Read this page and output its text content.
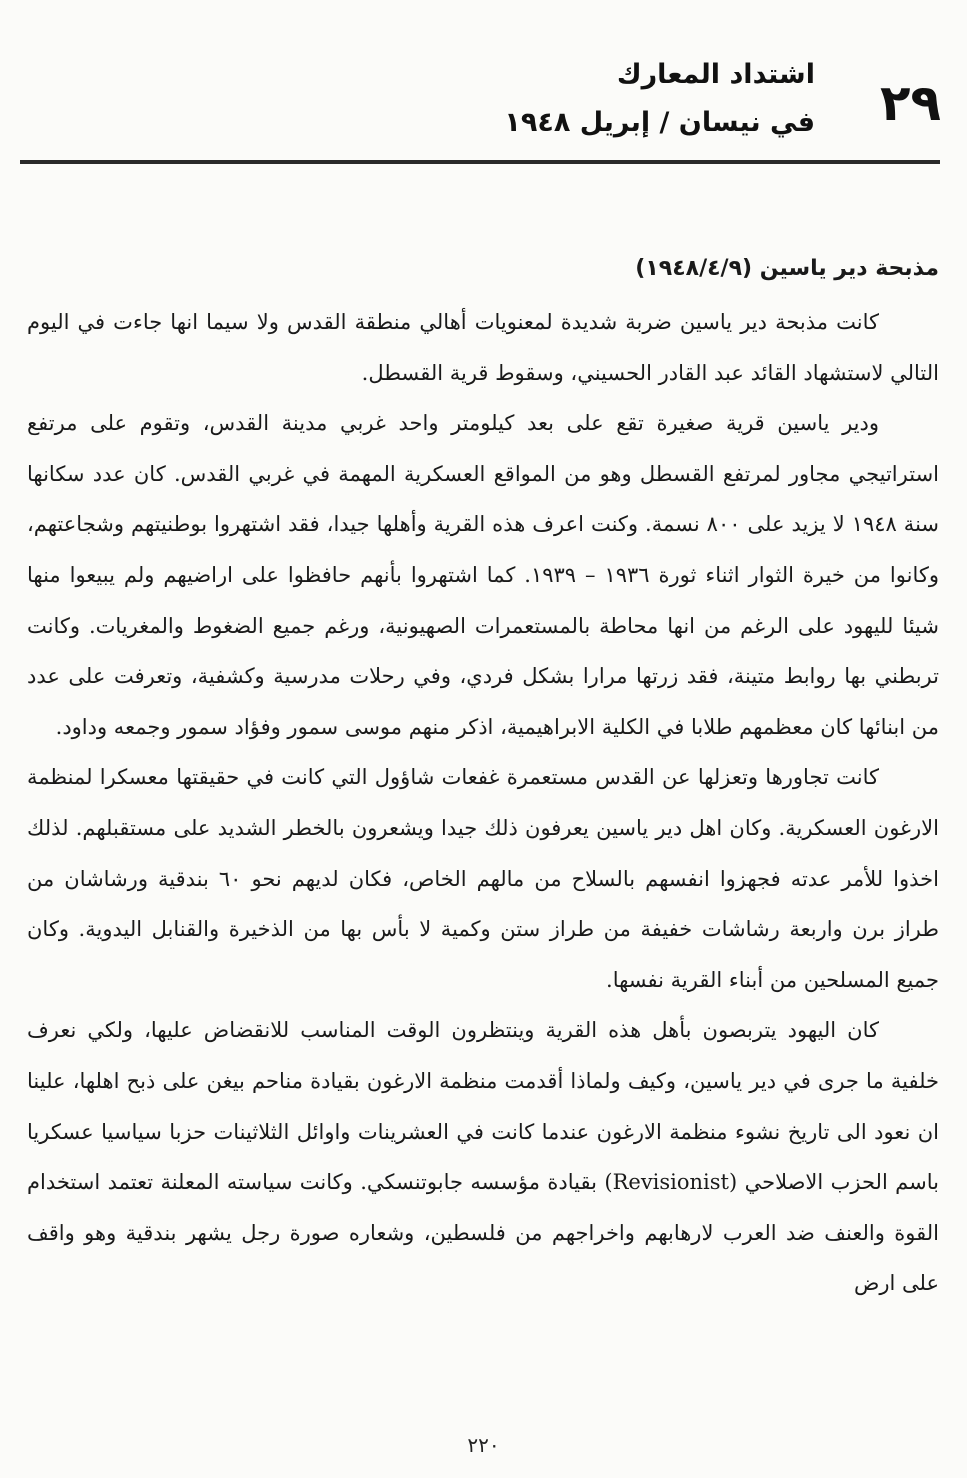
٢٩
اشتداد المعارك
في نيسان / إبريل ١٩٤٨
مذبحة دير ياسين (١٩٤٨/٤/٩)

كانت مذبحة دير ياسين ضربة شديدة لمعنويات أهالي منطقة القدس ولا سيما انها جاءت في اليوم التالي لاستشهاد القائد عبد القادر الحسيني، وسقوط قرية القسطل.

ودير ياسين قرية صغيرة تقع على بعد كيلومتر واحد غربي مدينة القدس، وتقوم على مرتفع استراتيجي مجاور لمرتفع القسطل وهو من المواقع العسكرية المهمة في غربي القدس. كان عدد سكانها سنة ١٩٤٨ لا يزيد على ٨٠٠ نسمة. وكنت اعرف هذه القرية وأهلها جيدا، فقد اشتهروا بوطنيتهم وشجاعتهم، وكانوا من خيرة الثوار اثناء ثورة ١٩٣٦ – ١٩٣٩. كما اشتهروا بأنهم حافظوا على اراضيهم ولم يبيعوا منها شيئا لليهود على الرغم من انها محاطة بالمستعمرات الصهيونية، ورغم جميع الضغوط والمغريات. وكانت تربطني بها روابط متينة، فقد زرتها مرارا بشكل فردي، وفي رحلات مدرسية وكشفية، وتعرفت على عدد من ابنائها كان معظمهم طلابا في الكلية الابراهيمية، اذكر منهم موسى سمور وفؤاد سمور وجمعه وداود.

كانت تجاورها وتعزلها عن القدس مستعمرة غفعات شاؤول التي كانت في حقيقتها معسكرا لمنظمة الارغون العسكرية. وكان اهل دير ياسين يعرفون ذلك جيدا ويشعرون بالخطر الشديد على مستقبلهم. لذلك اخذوا للأمر عدته فجهزوا انفسهم بالسلاح من مالهم الخاص، فكان لديهم نحو ٦٠ بندقية ورشاشان من طراز برن واربعة رشاشات خفيفة من طراز ستن وكمية لا بأس بها من الذخيرة والقنابل اليدوية. وكان جميع المسلحين من أبناء القرية نفسها.

كان اليهود يتربصون بأهل هذه القرية وينتظرون الوقت المناسب للانقضاض عليها، ولكي نعرف خلفية ما جرى في دير ياسين، وكيف ولماذا أقدمت منظمة الارغون بقيادة مناحم بيغن على ذبح اهلها، علينا ان نعود الى تاريخ نشوء منظمة الارغون عندما كانت في العشرينات واوائل الثلاثينات حزبا سياسيا عسكريا باسم الحزب الاصلاحي (Revisionist) بقيادة مؤسسه جابوتنسكي. وكانت سياسته المعلنة تعتمد استخدام القوة والعنف ضد العرب لارهابهم واخراجهم من فلسطين، وشعاره صورة رجل يشهر بندقية وهو واقف على ارض

٢٢٠
